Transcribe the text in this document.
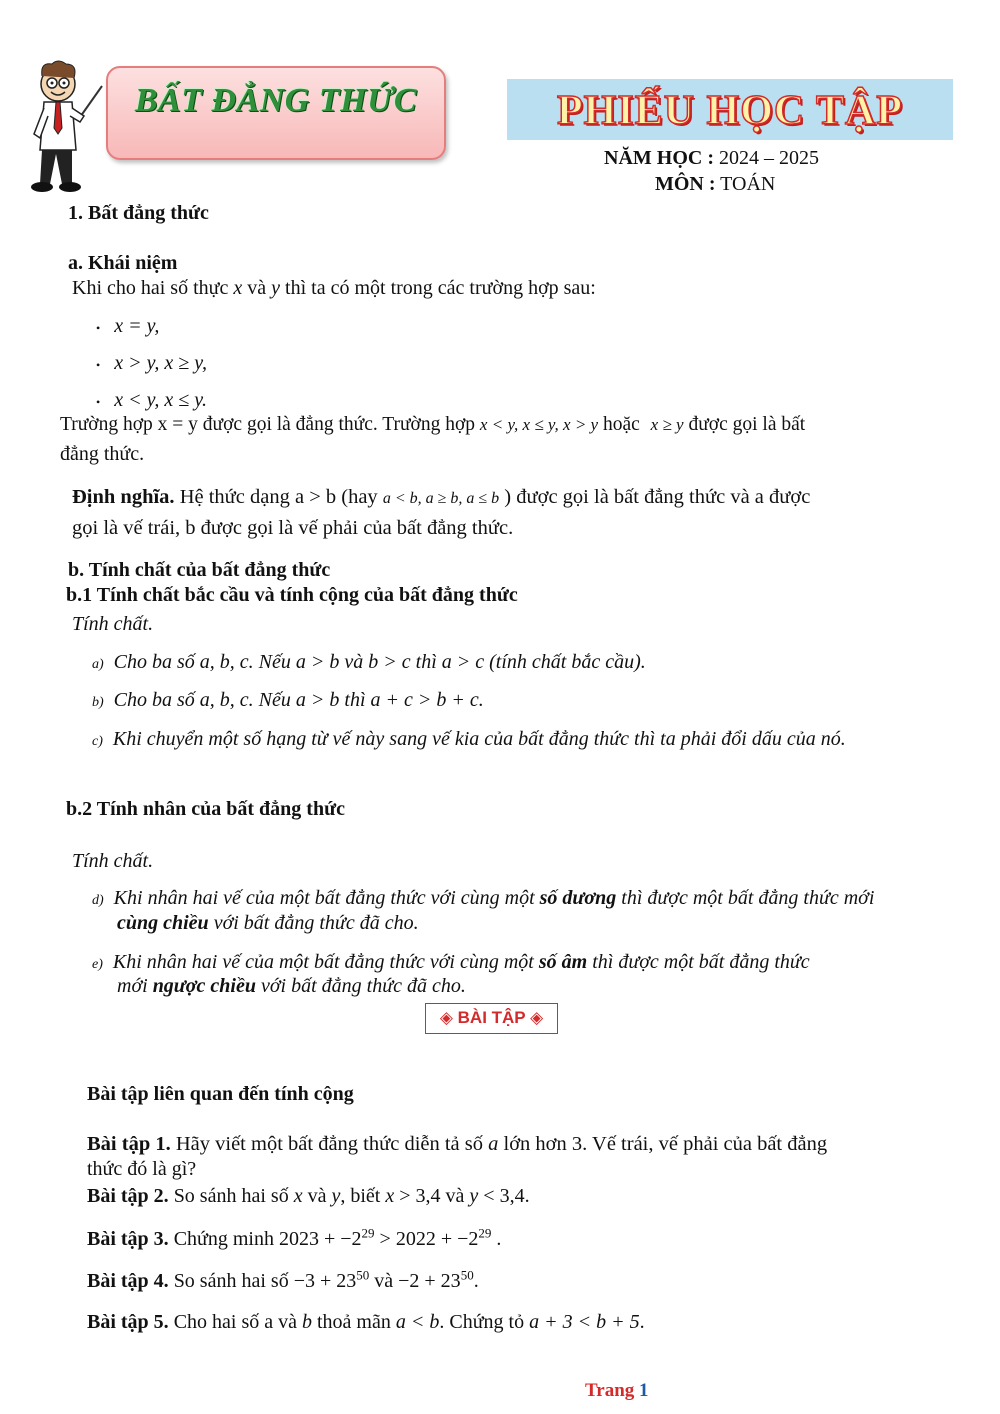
BẤT ĐẲNG THỨC	PHIẾU HỌC TẬP
NĂM HỌC : 2024 – 2025
MÔN : TOÁN
1. Bất đẳng thức
a. Khái niệm
Khi cho hai số thực x và y thì ta có một trong các trường hợp sau:
• x = y,
• x > y, x ≥ y,
• x < y, x ≤ y.
Trường hợp x = y được gọi là đẳng thức. Trường hợp x < y, x ≤ y, x > y hoặc x ≥ y được gọi là bất
đẳng thức.
Định nghĩa. Hệ thức dạng a > b (hay a < b, a ≥ b, a ≤ b ) được gọi là bất đẳng thức và a được
gọi là vế trái, b được gọi là vế phải của bất đẳng thức.
b. Tính chất của bất đẳng thức
b.1 Tính chất bắc cầu và tính cộng của bất đẳng thức
Tính chất.
a) Cho ba số a, b, c. Nếu a > b và b > c thì a > c (tính chất bắc cầu).
b) Cho ba số a, b, c. Nếu a > b thì a + c > b + c.
c) Khi chuyển một số hạng từ vế này sang vế kia của bất đẳng thức thì ta phải đổi dấu của nó.
b.2 Tính nhân của bất đẳng thức
Tính chất.
d) Khi nhân hai vế của một bất đẳng thức với cùng một số dương thì được một bất đẳng thức mới
cùng chiều với bất đẳng thức đã cho.
e) Khi nhân hai vế của một bất đẳng thức với cùng một số âm thì được một bất đẳng thức
mới ngược chiều với bất đẳng thức đã cho.
◈ BÀI TẬP ◈
Bài tập liên quan đến tính cộng
Bài tập 1. Hãy viết một bất đẳng thức diễn tả số a lớn hơn 3. Vế trái, vế phải của bất đẳng
thức đó là gì?
Bài tập 2. So sánh hai số x và y, biết x > 3,4 và y < 3,4.
Bài tập 3. Chứng minh $2023 + -2^{29} > 2022 + -2^{29}$ .
Bài tập 4. So sánh hai số $-3 + 23^{50}$ và $-2 + 23^{50}$.
Bài tập 5. Cho hai số a và b thoả mãn a < b. Chứng tỏ a + 3 < b + 5.
Trang 1
